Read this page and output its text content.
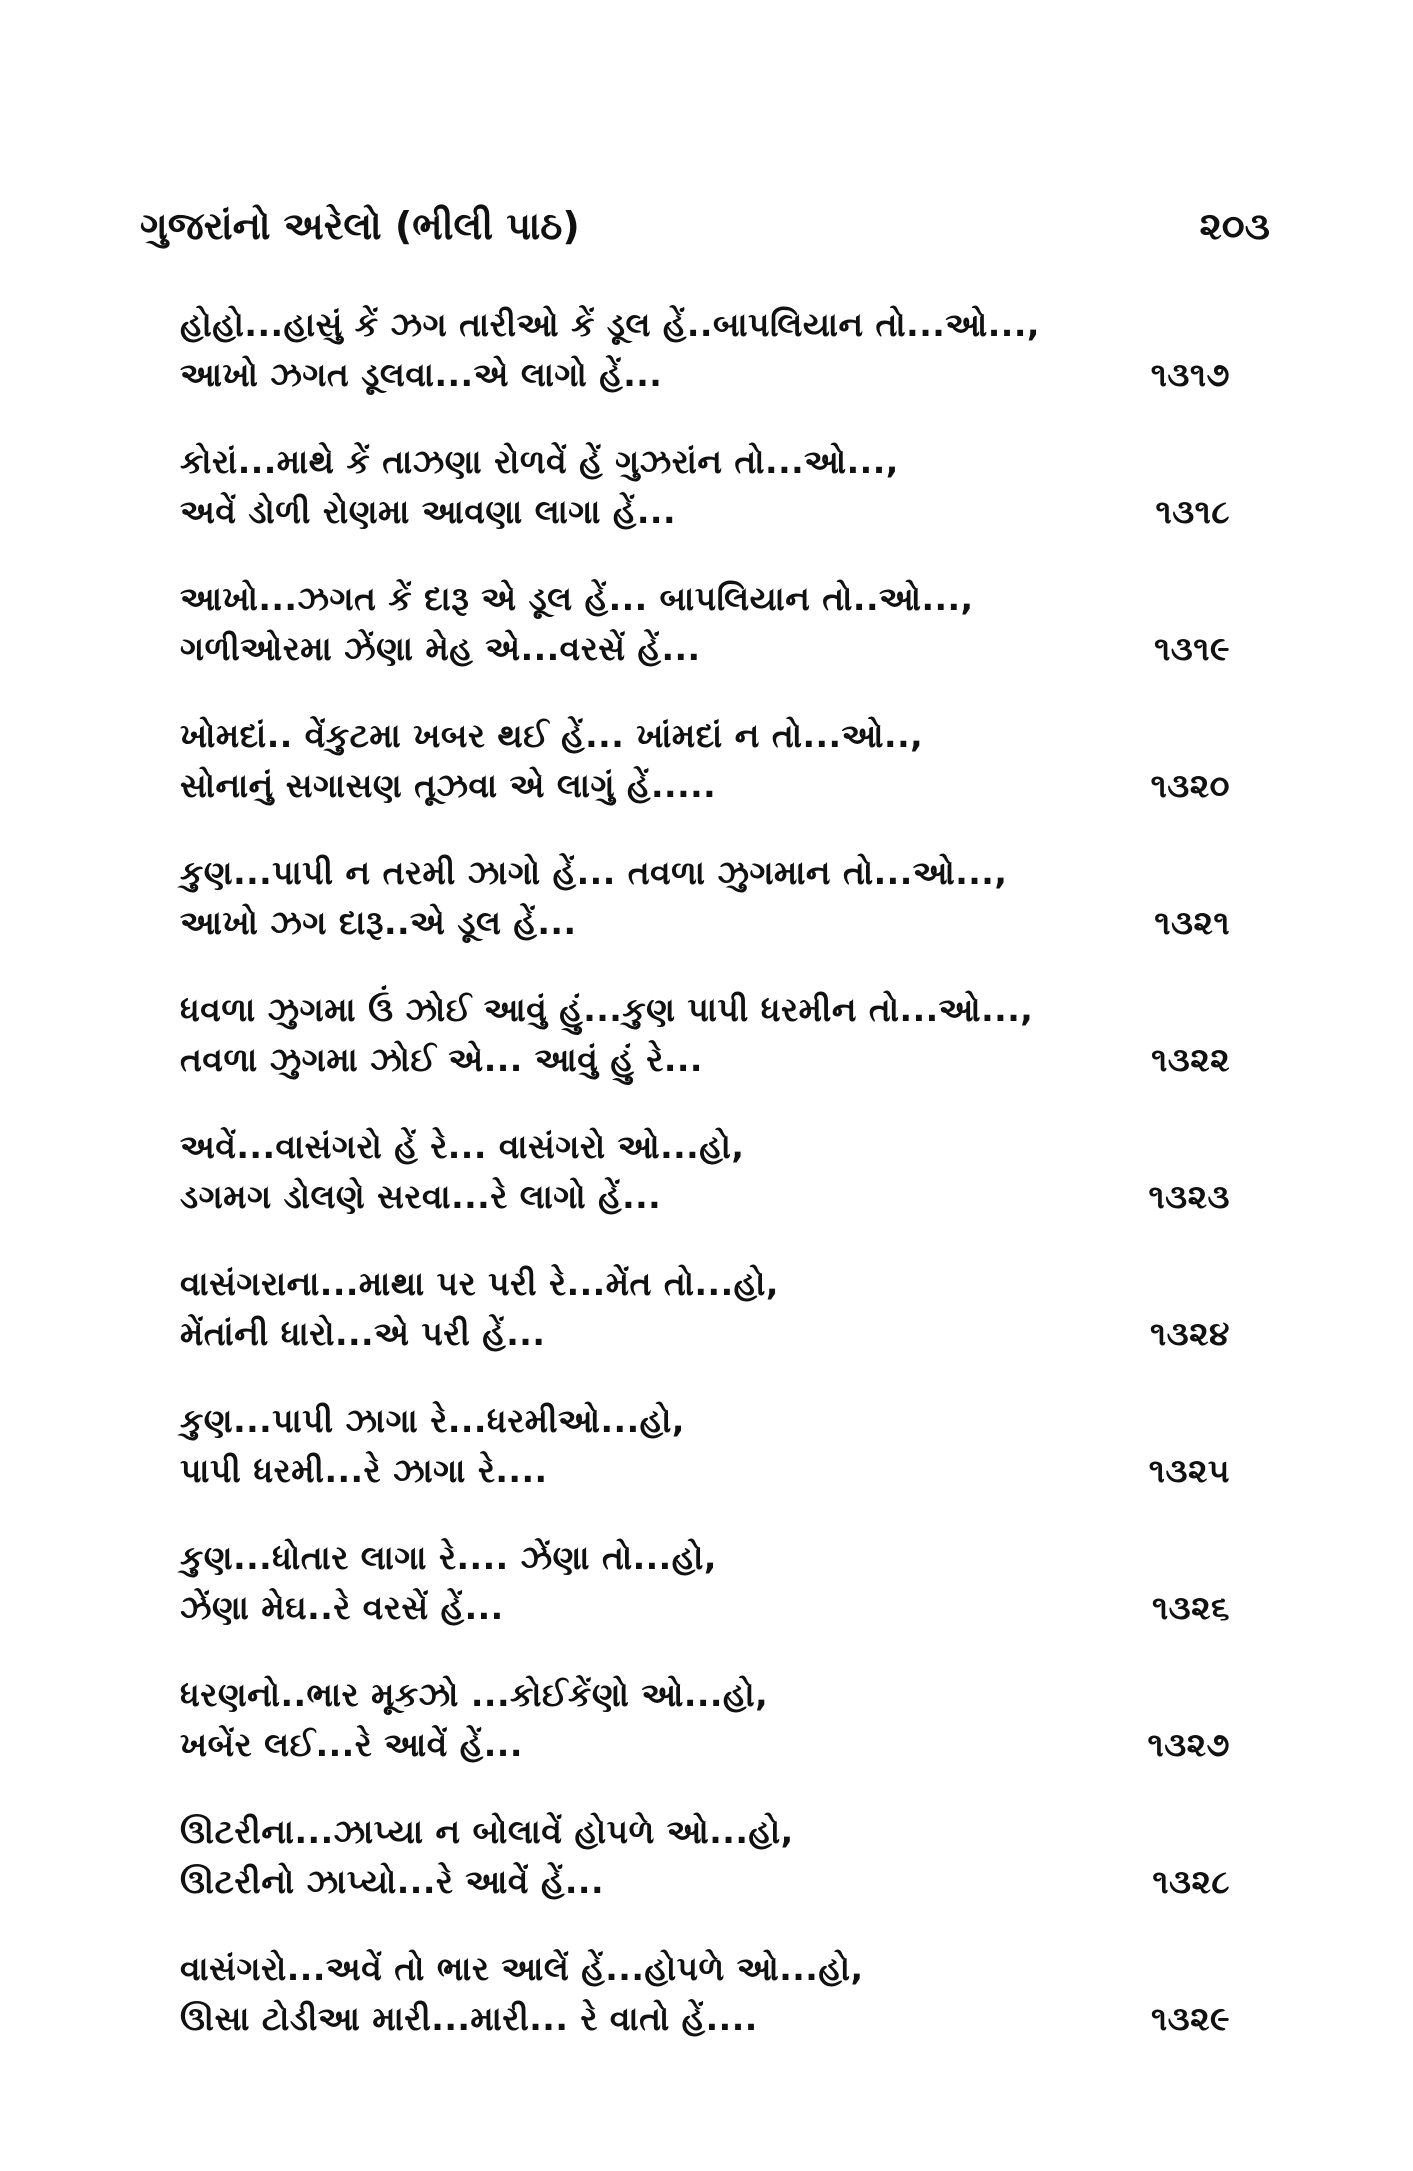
ગુજરાંનો અરેલો (ભીલી પાઠ)	૨૦૩
હોહો...હાસું કેં ઝગ તારીઓ કેં ડૂલ હેં..બાપલિયાન તો...ઓ...,
આખો ઝગત ડૂલવા...એ લાગો હેં...	૧૩૧૭
કોરાં...માથે કેં તાઝણા રોળવેં હેં ગુઝરાંન તો...ઓ...,
અવેં ડોળી રોણમા આવણા લાગા હેં...	૧૩૧૮
આખો...ઝગત કેં દારૂ એ ડૂલ હેં... બાપલિયાન તો..ઓ...,
ગળીઓરમા ઝેંણા મેહ એ...વરસેં હેં...	૧૩૧૯
ખોમદાં.. વેંકુટમા ખબર થઈ હેં... ખાંમદાં ન તો...ઓ..,
સોનાનું સગાસણ તૂઝવા એ લાગું હેં.....	૧૩૨૦
કુણ...પાપી ન તરમી ઝાગો હેં... તવળા ઝુગમાન તો...ઓ...,
આખો ઝગ દારૂ..એ ડૂલ હેં...	૧૩૨૧
ધવળા ઝુગમા ઉં ઝોઈ આવું હું...કુણ પાપી ધરમીન તો...ઓ...,
તવળા ઝુગમા ઝોઈ એ... આવું હું રે...	૧૩૨૨
અવેં...વાસંગરો હેં રે... વાસંગરો ઓ...હો,
ડગમગ ડોલણે સરવા...રે લાગો હેં...	૧૩૨૩
વાસંગરાના...માથા પર પરી રે...મેંત તો...હો,
મેંતાંની ધારો...એ પરી હેં...	૧૩૨૪
કુણ...પાપી ઝાગા રે...ધરમીઓ...હો,
પાપી ધરમી...રે ઝાગા રે....	૧૩૨૫
કુણ...ધોતાર લાગા રે.... ઝેંણા તો...હો,
ઝેંણા મેઘ..રે વરસેં હેં...	૧૩૨૬
ધરણનો..ભાર મૂકઝો ...કોઈકેંણો ઓ...હો,
ખબેંર લઈ...રે આવેં હેં...	૧૩૨૭
ઊટરીના...ઝાપ્યા ન બોલાવેં હોપળે ઓ...હો,
ઊટરીનો ઝાપ્યો...રે આવેં હેં...	૧૩૨૮
વાસંગરો...અવેં તો ભાર આલેં હેં...હોપળે ઓ...હો,
ઊસા ટોડીઆ મારી...મારી... રે વાતો હેં....	૧૩૨૯
